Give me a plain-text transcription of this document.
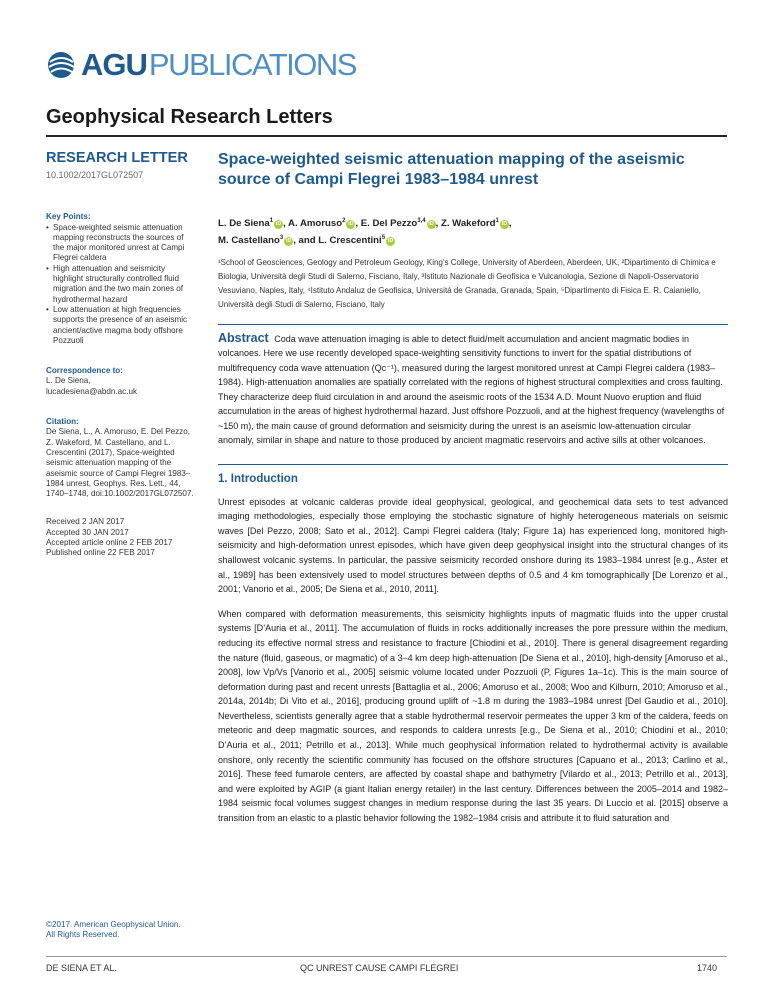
AGU PUBLICATIONS
Geophysical Research Letters
RESEARCH LETTER
10.1002/2017GL072507
Key Points:
• Space-weighted seismic attenuation mapping reconstructs the sources of the major monitored unrest at Campi Flegrei caldera
• High attenuation and seismicity highlight structurally controlled fluid migration and the two main zones of hydrothermal hazard
• Low attenuation at high frequencies supports the presence of an aseismic ancient/active magma body offshore Pozzuoli
Correspondence to:
L. De Siena,
lucadesiena@abdn.ac.uk
Citation:
De Siena, L., A. Amoruso, E. Del Pezzo, Z. Wakeford, M. Castellano, and L. Crescentini (2017), Space-weighted seismic attenuation mapping of the aseismic source of Campi Flegrei 1983–1984 unrest, Geophys. Res. Lett., 44, 1740–1748, doi:10.1002/2017GL072507.
Received 2 JAN 2017
Accepted 30 JAN 2017
Accepted article online 2 FEB 2017
Published online 22 FEB 2017
©2017. American Geophysical Union.
All Rights Reserved.
Space-weighted seismic attenuation mapping of the aseismic source of Campi Flegrei 1983–1984 unrest
L. De Siena$^1$iD , A. Amoruso$^2$iD , E. Del Pezzo$^{3,4}$iD , Z. Wakeford$^1$iD ,
M. Castellano$^3$iD , and L. Crescentini$^5$iD
¹School of Geosciences, Geology and Petroleum Geology, King’s College, University of Aberdeen, Aberdeen, UK, ²Dipartimento di Chimica e Biologia, Università degli Studi di Salerno, Fisciano, Italy, ³Istituto Nazionale di Geofisica e Vulcanologia, Sezione di Napoli-Osservatorio Vesuviano, Naples, Italy, ⁴Istituto Andaluz de Geofisica, Universitá de Granada, Granada, Spain, ⁵Dipartimento di Fisica E. R. Caianiello, Università degli Studi di Salerno, Fisciano, Italy
Abstract Coda wave attenuation imaging is able to detect fluid/melt accumulation and ancient magmatic bodies in volcanoes. Here we use recently developed space-weighting sensitivity functions to invert for the spatial distributions of multifrequency coda wave attenuation (Qc⁻¹), measured during the largest monitored unrest at Campi Flegrei caldera (1983–1984). High-attenuation anomalies are spatially correlated with the regions of highest structural complexities and cross faulting. They characterize deep fluid circulation in and around the aseismic roots of the 1534 A.D. Mount Nuovo eruption and fluid accumulation in the areas of highest hydrothermal hazard. Just offshore Pozzuoli, and at the highest frequency (wavelengths of ~150 m), the main cause of ground deformation and seismicity during the unrest is an aseismic low-attenuation circular anomaly, similar in shape and nature to those produced by ancient magmatic reservoirs and active sills at other volcanoes.
1. Introduction
Unrest episodes at volcanic calderas provide ideal geophysical, geological, and geochemical data sets to test advanced imaging methodologies, especially those employing the stochastic signature of highly heterogeneous materials on seismic waves [Del Pezzo, 2008; Sato et al., 2012]. Campi Flegrei caldera (Italy; Figure 1a) has experienced long, monitored high-seismicity and high-deformation unrest episodes, which have given deep geophysical insight into the structural changes of its shallowest volcanic systems. In particular, the passive seismicity recorded onshore during its 1983–1984 unrest [e.g., Aster et al., 1989] has been extensively used to model structures between depths of 0.5 and 4 km tomographically [De Lorenzo et al., 2001; Vanorio et al., 2005; De Siena et al., 2010, 2011].
When compared with deformation measurements, this seismicity highlights inputs of magmatic fluids into the upper crustal systems [D’Auria et al., 2011]. The accumulation of fluids in rocks additionally increases the pore pressure within the medium, reducing its effective normal stress and resistance to fracture [Chiodini et al., 2010]. There is general disagreement regarding the nature (fluid, gaseous, or magmatic) of a 3–4 km deep high-attenuation [De Siena et al., 2010], high-density [Amoruso et al., 2008], low Vp/Vs [Vanorio et al., 2005] seismic volume located under Pozzuoli (P, Figures 1a–1c). This is the main source of deformation during past and recent unrests [Battaglia et al., 2006; Amoruso et al., 2008; Woo and Kilburn, 2010; Amoruso et al., 2014a, 2014b; Di Vito et al., 2016], producing ground uplift of ~1.8 m during the 1983–1984 unrest [Del Gaudio et al., 2010]. Nevertheless, scientists generally agree that a stable hydrothermal reservoir permeates the upper 3 km of the caldera, feeds on meteoric and deep magmatic sources, and responds to caldera unrests [e.g., De Siena et al., 2010; Chiodini et al., 2010; D’Auria et al., 2011; Petrillo et al., 2013]. While much geophysical information related to hydrothermal activity is available onshore, only recently the scientific community has focused on the offshore structures [Capuano et al., 2013; Carlino et al., 2016]. These feed fumarole centers, are affected by coastal shape and bathymetry [Vilardo et al., 2013; Petrillo et al., 2013], and were exploited by AGIP (a giant Italian energy retailer) in the last century. Differences between the 2005–2014 and 1982–1984 seismic focal volumes suggest changes in medium response during the last 35 years. Di Luccio et al. [2015] observe a transition from an elastic to a plastic behavior following the 1982–1984 crisis and attribute it to fluid saturation and
DE SIENA ET AL.	QC UNREST CAUSE CAMPI FLEGREI	1740
